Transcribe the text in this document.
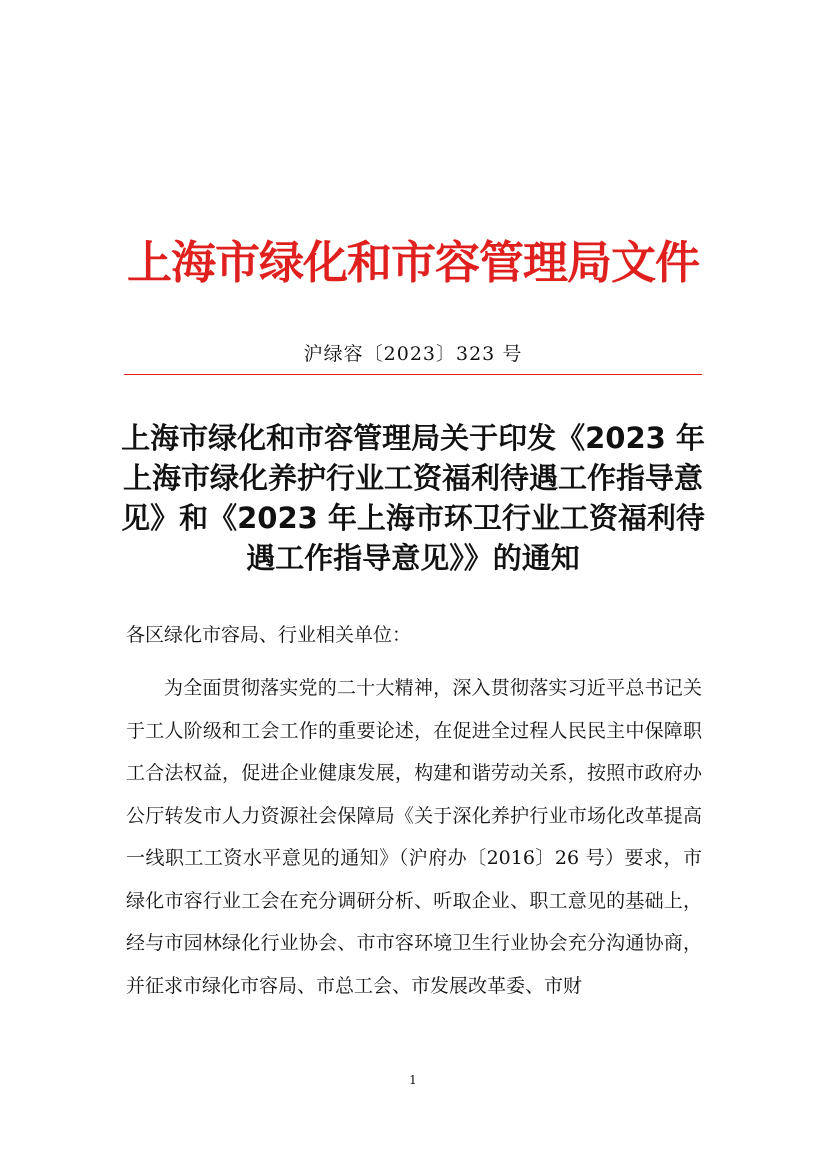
上海市绿化和市容管理局文件
沪绿容〔2023〕323 号
上海市绿化和市容管理局关于印发《2023 年上海市绿化养护行业工资福利待遇工作指导意见》和《2023 年上海市环卫行业工资福利待遇工作指导意见》》的通知
各区绿化市容局、行业相关单位：

为全面贯彻落实党的二十大精神，深入贯彻落实习近平总书记关于工人阶级和工会工作的重要论述，在促进全过程人民民主中保障职工合法权益，促进企业健康发展，构建和谐劳动关系，按照市政府办公厅转发市人力资源社会保障局《关于深化养护行业市场化改革提高一线职工工资水平意见的通知》（沪府办〔2016〕26 号）要求，市绿化市容行业工会在充分调研分析、听取企业、职工意见的基础上，经与市园林绿化行业协会、市市容环境卫生行业协会充分沟通协商，并征求市绿化市容局、市总工会、市发展改革委、市财

1
